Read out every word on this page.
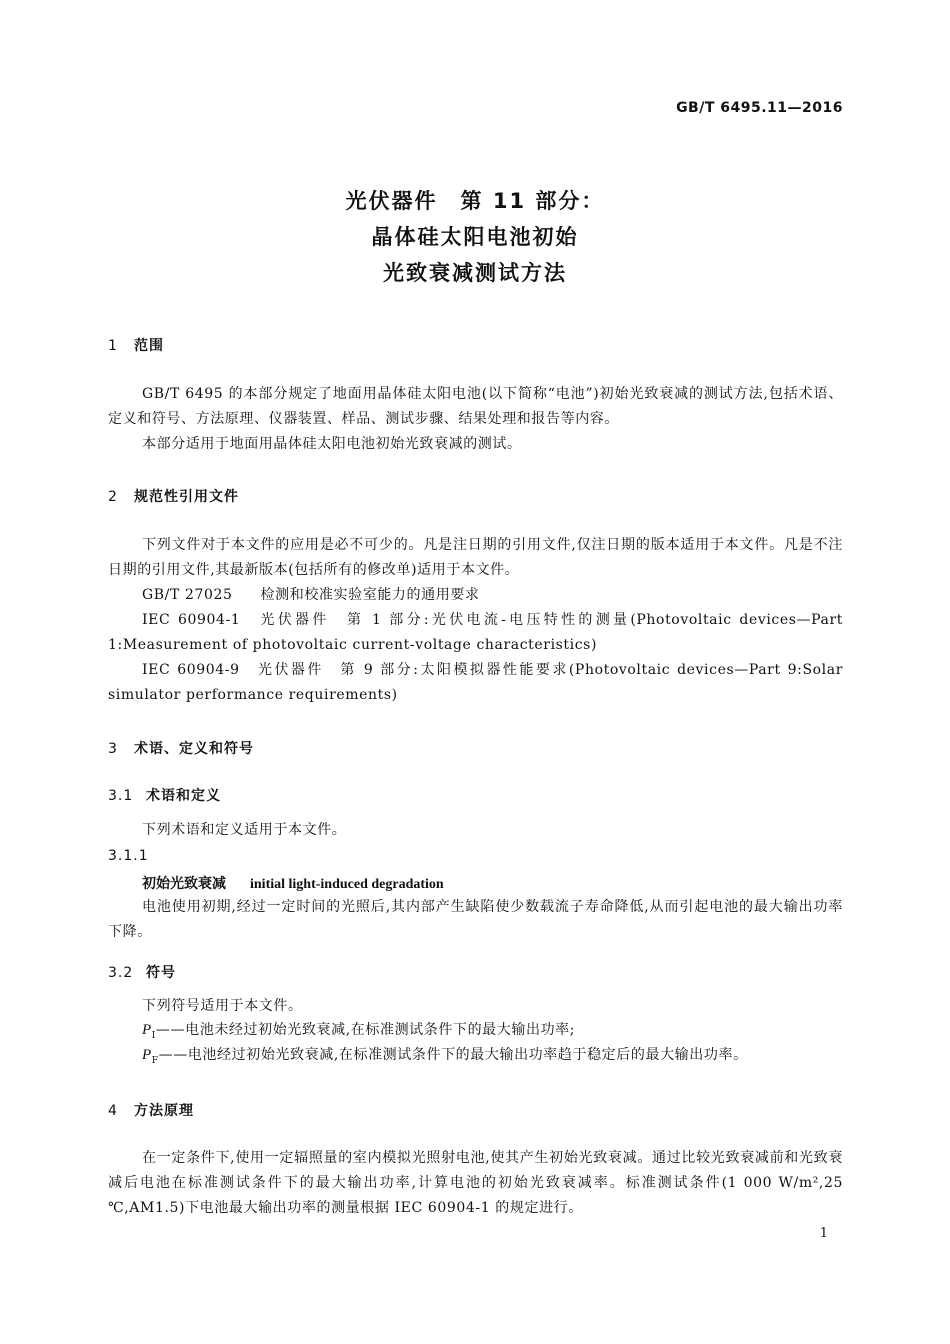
GB/T 6495.11—2016
光伏器件　第 11 部分：
晶体硅太阳电池初始
光致衰减测试方法
1 范围
GB/T 6495 的本部分规定了地面用晶体硅太阳电池(以下简称“电池”)初始光致衰减的测试方法,包括术语、定义和符号、方法原理、仪器装置、样品、测试步骤、结果处理和报告等内容。
本部分适用于地面用晶体硅太阳电池初始光致衰减的测试。
2 规范性引用文件
下列文件对于本文件的应用是必不可少的。凡是注日期的引用文件,仅注日期的版本适用于本文件。凡是不注日期的引用文件,其最新版本(包括所有的修改单)适用于本文件。
GB/T 27025 检测和校准实验室能力的通用要求
IEC 60904-1　光伏器件　第 1 部分:光伏电流-电压特性的测量(Photovoltaic devices—Part 1:Measurement of photovoltaic current-voltage characteristics)
IEC 60904-9　光伏器件　第 9 部分:太阳模拟器性能要求(Photovoltaic devices—Part 9:Solar simulator performance requirements)
3 术语、定义和符号
3.1 术语和定义
下列术语和定义适用于本文件。
3.1.1
初始光致衰减 initial light-induced degradation
电池使用初期,经过一定时间的光照后,其内部产生缺陷使少数载流子寿命降低,从而引起电池的最大输出功率下降。
3.2 符号
下列符号适用于本文件。
$P_I——$电池未经过初始光致衰减,在标准测试条件下的最大输出功率;
$P_F——$电池经过初始光致衰减,在标准测试条件下的最大输出功率趋于稳定后的最大输出功率。
4 方法原理
在一定条件下,使用一定辐照量的室内模拟光照射电池,使其产生初始光致衰减。通过比较光致衰减前和光致衰减后电池在标准测试条件下的最大输出功率,计算电池的初始光致衰减率。标准测试条件(1 000 W/m²,25 ℃,AM1.5)下电池最大输出功率的测量根据 IEC 60904-1 的规定进行。
1
